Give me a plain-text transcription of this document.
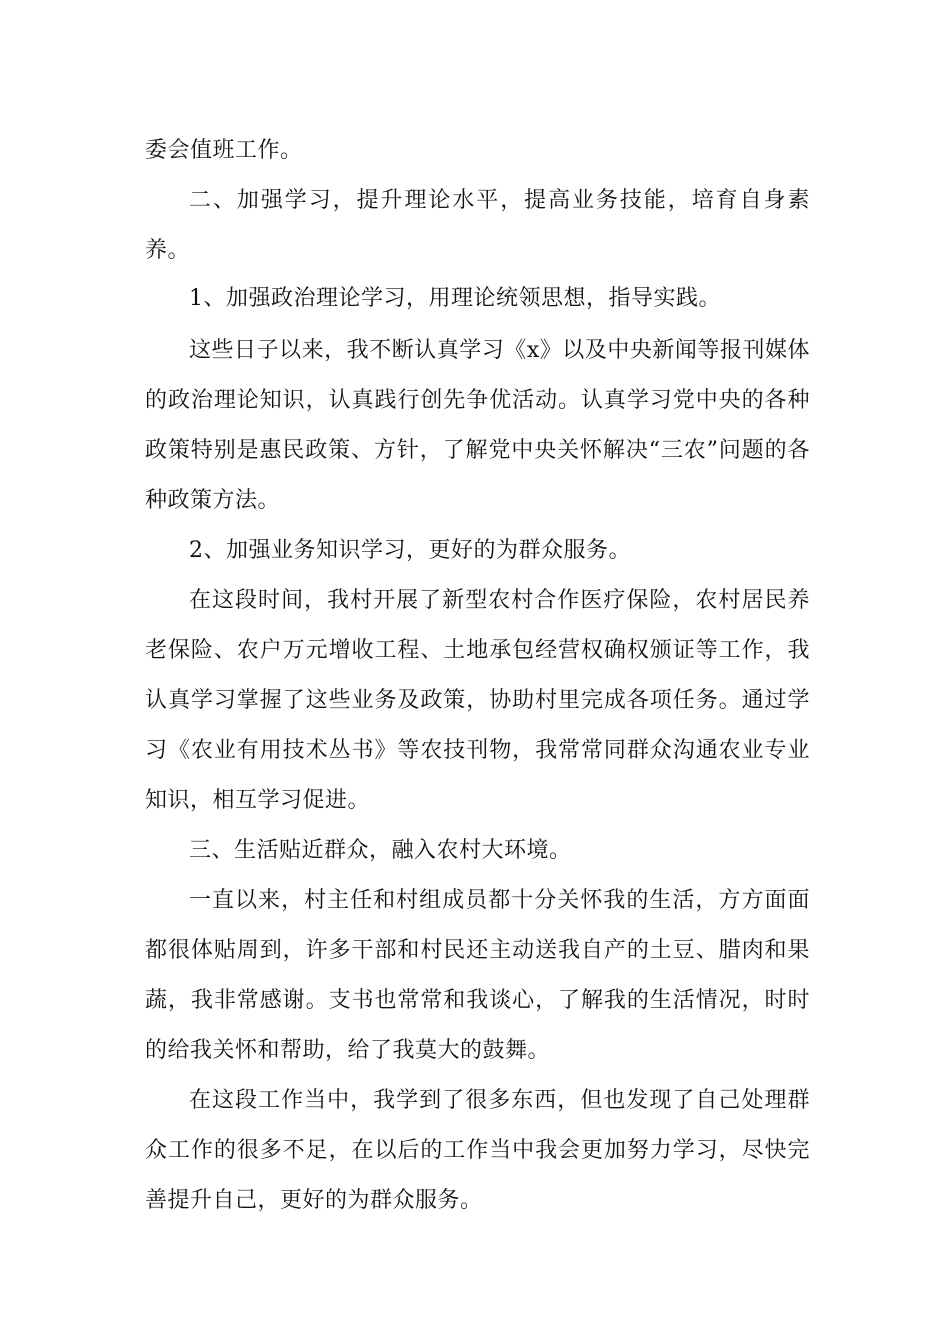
委会值班工作。

二、加强学习，提升理论水平，提高业务技能，培育自身素养。

1、加强政治理论学习，用理论统领思想，指导实践。

这些日子以来，我不断认真学习《x》以及中央新闻等报刊媒体的政治理论知识，认真践行创先争优活动。认真学习党中央的各种政策特别是惠民政策、方针，了解党中央关怀解决“三农”问题的各种政策方法。

2、加强业务知识学习，更好的为群众服务。

在这段时间，我村开展了新型农村合作医疗保险，农村居民养老保险、农户万元增收工程、土地承包经营权确权颁证等工作，我认真学习掌握了这些业务及政策，协助村里完成各项任务。通过学习《农业有用技术丛书》等农技刊物，我常常同群众沟通农业专业知识，相互学习促进。

三、生活贴近群众，融入农村大环境。

一直以来，村主任和村组成员都十分关怀我的生活，方方面面都很体贴周到，许多干部和村民还主动送我自产的土豆、腊肉和果蔬，我非常感谢。支书也常常和我谈心，了解我的生活情况，时时的给我关怀和帮助，给了我莫大的鼓舞。

在这段工作当中，我学到了很多东西，但也发现了自己处理群众工作的很多不足，在以后的工作当中我会更加努力学习，尽快完善提升自己，更好的为群众服务。
